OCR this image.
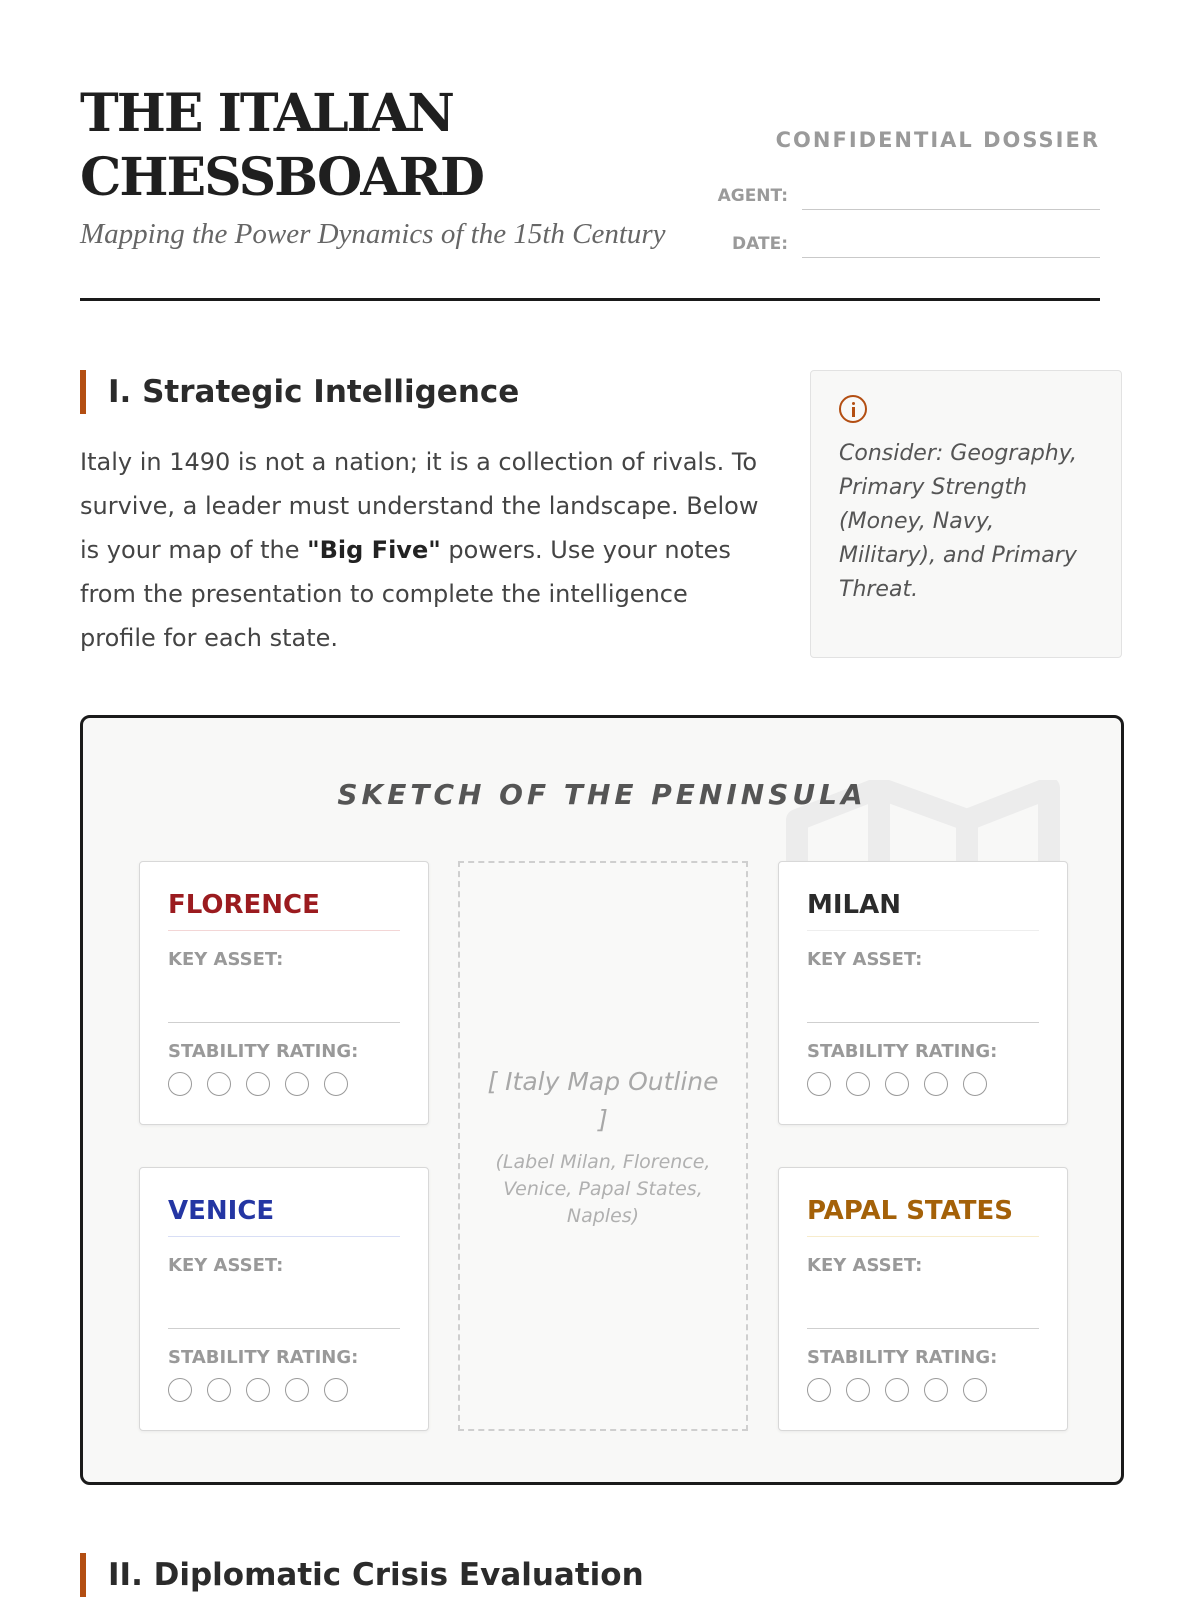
THE ITALIAN CHESSBOARD

Mapping the Power Dynamics of the 15th Century

CONFIDENTIAL DOSSIER
AGENT:
DATE:
I. Strategic Intelligence

Italy in 1490 is not a nation; it is a collection of rivals. To survive, a leader must understand the landscape. Below is your map of the "Big Five" powers. Use your notes from the presentation to complete the intelligence profile for each state.

Consider: Geography, Primary Strength (Money, Navy, Military), and Primary Threat.

SKETCH OF THE PENINSULA
FLORENCE
KEY ASSET:
STABILITY RATING:
MILAN
KEY ASSET:
STABILITY RATING:
VENICE
KEY ASSET:
STABILITY RATING:
PAPAL STATES
KEY ASSET:
STABILITY RATING:
[ Italy Map Outline ]
(Label Milan, Florence, Venice, Papal States, Naples)
II. Diplomatic Crisis Evaluation
